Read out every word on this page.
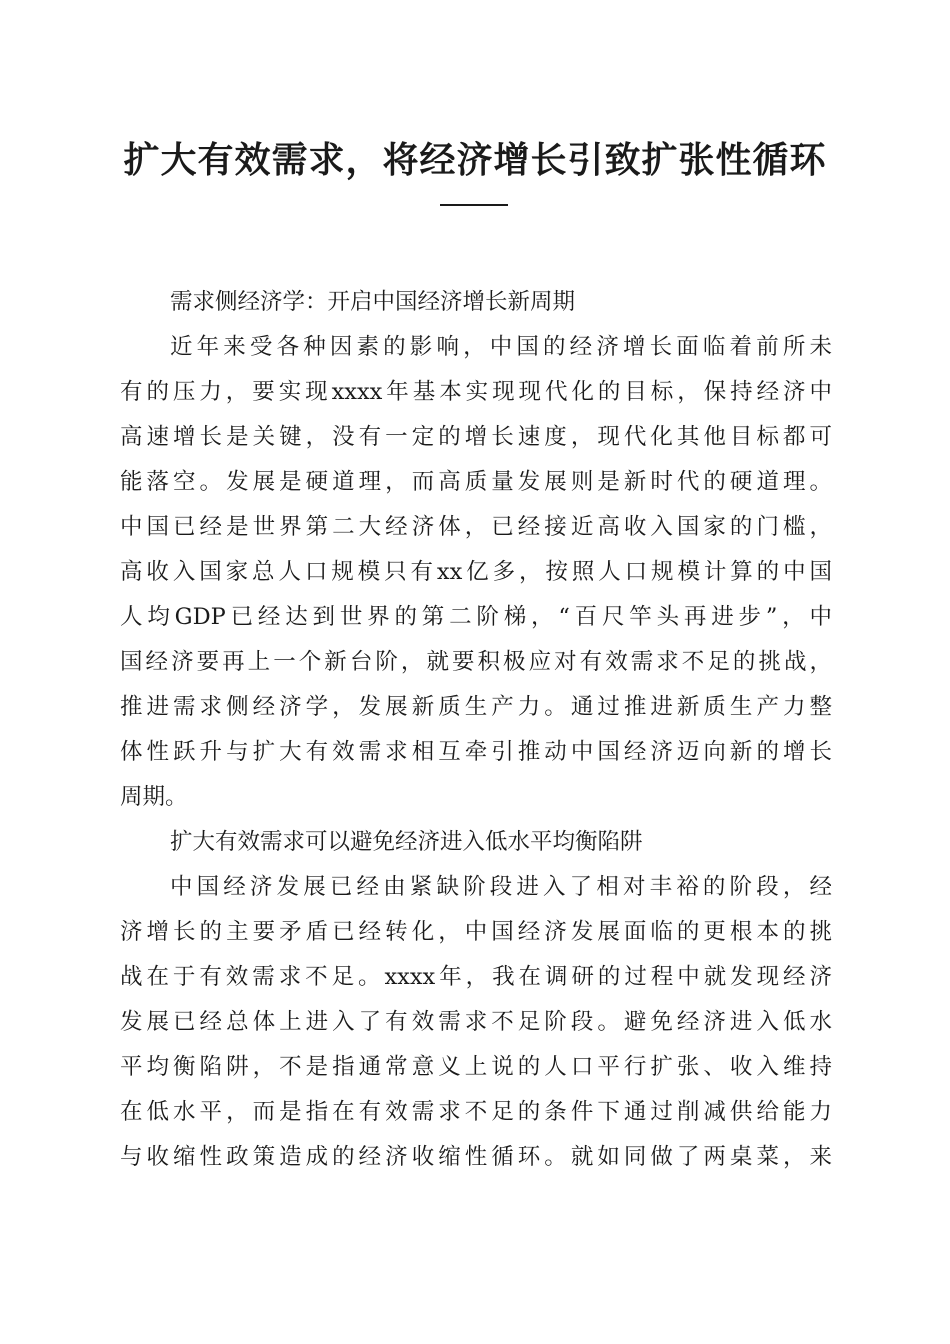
扩大有效需求，将经济增长引致扩张性循环
需求侧经济学：开启中国经济增长新周期
近年来受各种因素的影响，中国的经济增长面临着前所未
有的压力，要实现xxxx年基本实现现代化的目标，保持经济中
高速增长是关键，没有一定的增长速度，现代化其他目标都可
能落空。发展是硬道理，而高质量发展则是新时代的硬道理。
中国已经是世界第二大经济体，已经接近高收入国家的门槛，
高收入国家总人口规模只有xx亿多，按照人口规模计算的中国
人均GDP已经达到世界的第二阶梯，“百尺竿头再进步”，中
国经济要再上一个新台阶，就要积极应对有效需求不足的挑战，
推进需求侧经济学，发展新质生产力。通过推进新质生产力整
体性跃升与扩大有效需求相互牵引推动中国经济迈向新的增长
周期。
扩大有效需求可以避免经济进入低水平均衡陷阱
中国经济发展已经由紧缺阶段进入了相对丰裕的阶段，经
济增长的主要矛盾已经转化，中国经济发展面临的更根本的挑
战在于有效需求不足。xxxx年，我在调研的过程中就发现经济
发展已经总体上进入了有效需求不足阶段。避免经济进入低水
平均衡陷阱，不是指通常意义上说的人口平行扩张、收入维持
在低水平，而是指在有效需求不足的条件下通过削减供给能力
与收缩性政策造成的经济收缩性循环。就如同做了两桌菜，来
